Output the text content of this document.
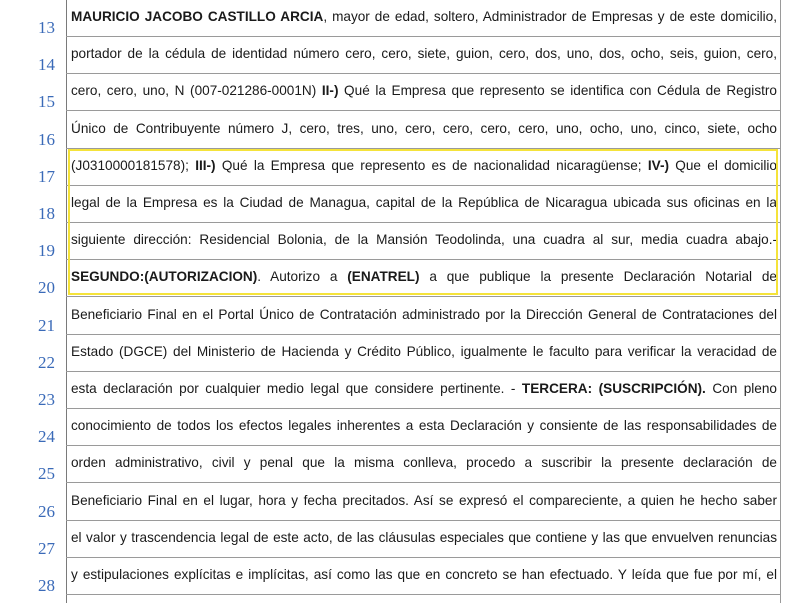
13
14
15
16
17
18
19
20
21
22
23
24
25
26
27
28
MAURICIO JACOBO CASTILLO ARCIA, mayor de edad, soltero, Administrador de Empresas y de este domicilio,
portador de la cédula de identidad número cero, cero, siete, guion, cero, dos, uno, dos, ocho, seis, guion, cero,
cero, cero, uno, N (007-021286-0001N) II-) Qué la Empresa que represento se identifica con Cédula de Registro
Único de Contribuyente número J, cero, tres, uno, cero, cero, cero, cero, uno, ocho, uno, cinco, siete, ocho
(J0310000181578); III-) Qué la Empresa que represento es de nacionalidad nicaragüense; IV-) Que el domicilio
legal de la Empresa es la Ciudad de Managua, capital de la República de Nicaragua ubicada sus oficinas en la
siguiente dirección: Residencial Bolonia, de la Mansión Teodolinda, una cuadra al sur, media cuadra abajo.-
SEGUNDO:(AUTORIZACION). Autorizo a (ENATREL) a que publique la presente Declaración Notarial de
Beneficiario Final en el Portal Único de Contratación administrado por la Dirección General de Contrataciones del
Estado (DGCE) del Ministerio de Hacienda y Crédito Público, igualmente le faculto para verificar la veracidad de
esta declaración por cualquier medio legal que considere pertinente. - TERCERA: (SUSCRIPCIÓN). Con pleno
conocimiento de todos los efectos legales inherentes a esta Declaración y consiente de las responsabilidades de
orden administrativo, civil y penal que la misma conlleva, procedo a suscribir la presente declaración de
Beneficiario Final en el lugar, hora y fecha precitados. Así se expresó el compareciente, a quien he hecho saber
el valor y trascendencia legal de este acto, de las cláusulas especiales que contiene y las que envuelven renuncias
y estipulaciones explícitas e implícitas, así como las que en concreto se han efectuado. Y leída que fue por mí, el
